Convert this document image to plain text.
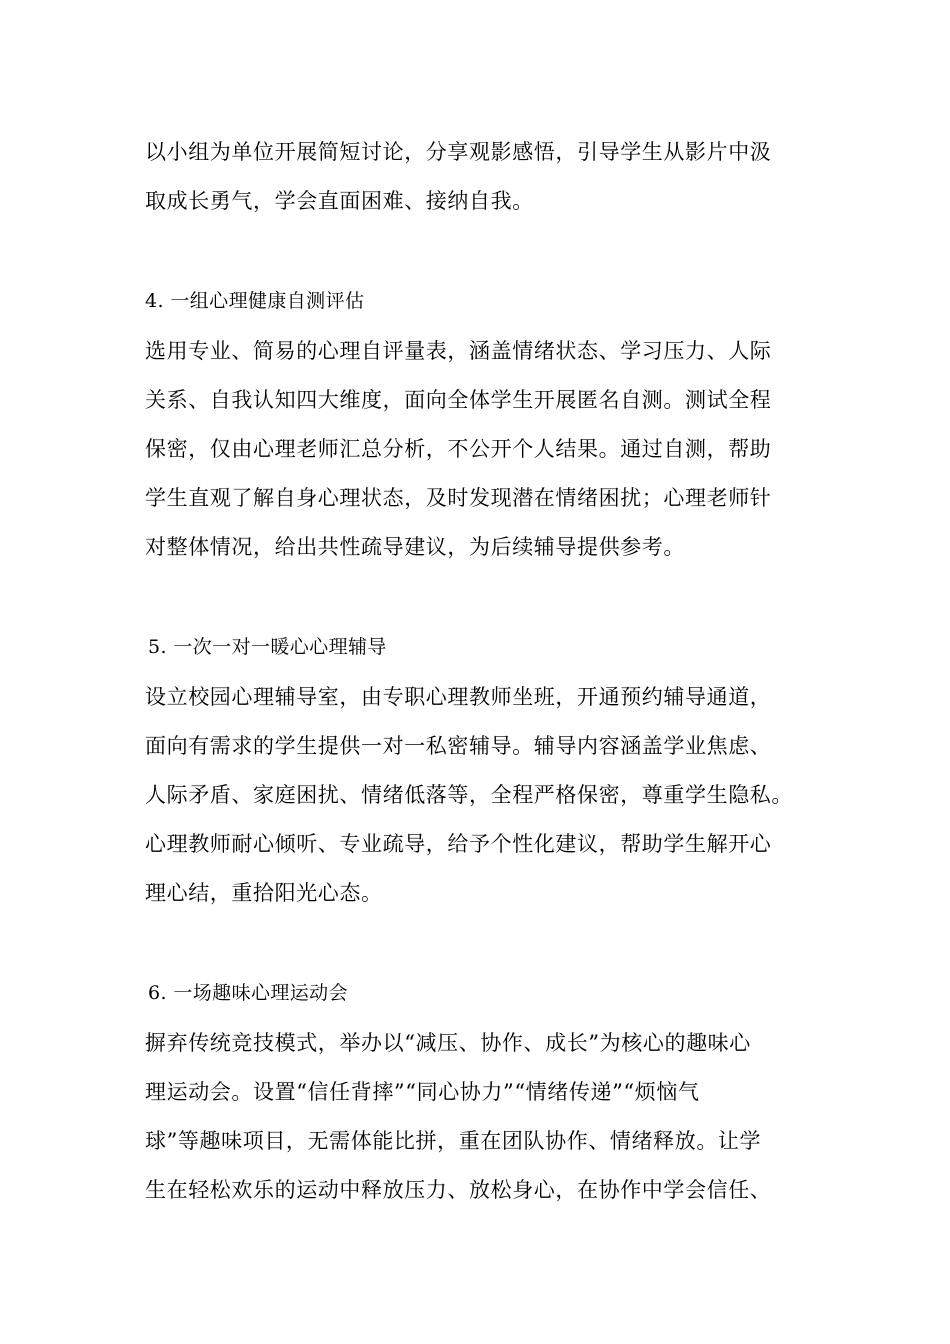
以小组为单位开展简短讨论，分享观影感悟，引导学生从影片中汲
取成长勇气，学会直面困难、接纳自我。
4. 一组心理健康自测评估
选用专业、简易的心理自评量表，涵盖情绪状态、学习压力、人际
关系、自我认知四大维度，面向全体学生开展匿名自测。测试全程
保密，仅由心理老师汇总分析，不公开个人结果。通过自测，帮助
学生直观了解自身心理状态，及时发现潜在情绪困扰；心理老师针
对整体情况，给出共性疏导建议，为后续辅导提供参考。
5. 一次一对一暖心心理辅导
设立校园心理辅导室，由专职心理教师坐班，开通预约辅导通道，
面向有需求的学生提供一对一私密辅导。辅导内容涵盖学业焦虑、
人际矛盾、家庭困扰、情绪低落等，全程严格保密，尊重学生隐私。
心理教师耐心倾听、专业疏导，给予个性化建议，帮助学生解开心
理心结，重拾阳光心态。
6. 一场趣味心理运动会
摒弃传统竞技模式，举办以“减压、协作、成长”为核心的趣味心
理运动会。设置“信任背摔”“同心协力”“情绪传递”“烦恼气
球”等趣味项目，无需体能比拼，重在团队协作、情绪释放。让学
生在轻松欢乐的运动中释放压力、放松身心，在协作中学会信任、
